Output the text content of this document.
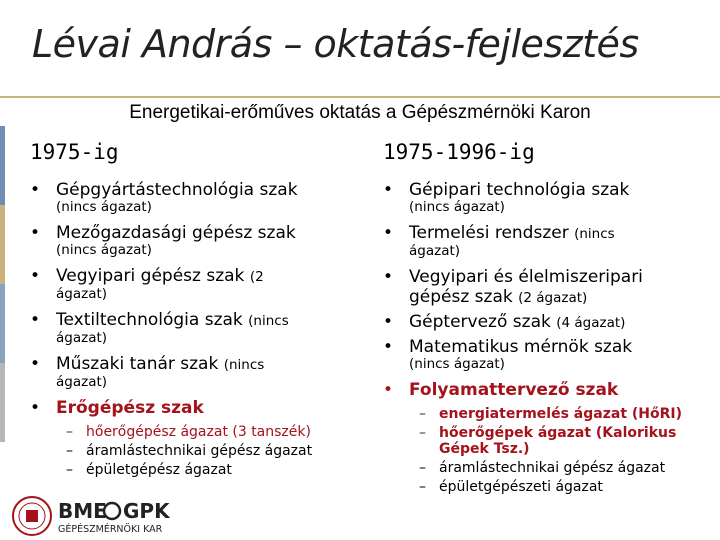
Lévai András – oktatás-fejlesztés
Energetikai-erőműves oktatás a Gépészmérnöki Karon
1975-ig
• Gépgyártástechnológia szak
(nincs ágazat)
• Mezőgazdasági gépész szak
(nincs ágazat)
• Vegyipari gépész szak (2
ágazat)
• Textiltechnológia szak (nincs
ágazat)
• Műszaki tanár szak (nincs
ágazat)
• Erőgépész szak
– hőerőgépész ágazat (3 tanszék)
– áramlástechnikai gépész ágazat
– épületgépész ágazat
1975-1996-ig
• Gépipari technológia szak
(nincs ágazat)
• Termelési rendszer (nincs
ágazat)
• Vegyipari és élelmiszeripari gépész szak (2 ágazat)
• Géptervező szak (4 ágazat)
• Matematikus mérnök szak
(nincs ágazat)
• Folyamattervező szak
– energiatermelés ágazat (HőRI)
– hőerőgépek ágazat (Kalorikus Gépek Tsz.)
– áramlástechnikai gépész ágazat
– épületgépészeti ágazat
BME GPK
GÉPÉSZMÉRNÖKI KAR
